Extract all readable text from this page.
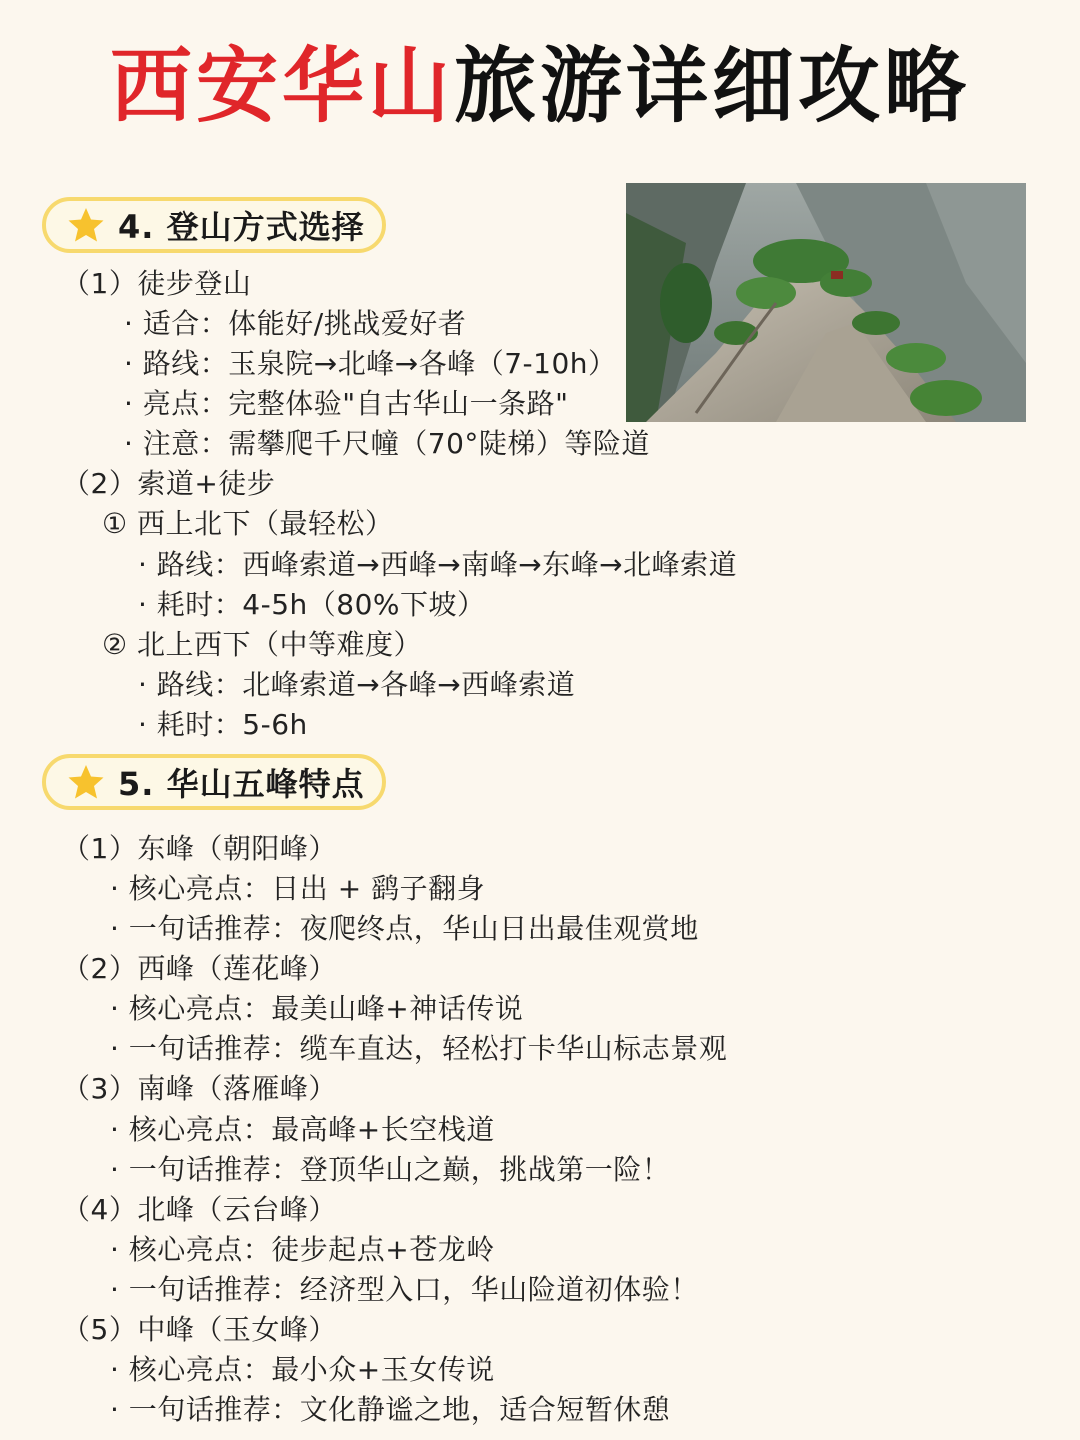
西安华山旅游详细攻略
4. 登山方式选择
（1）徒步登山
· 适合：体能好/挑战爱好者
· 路线：玉泉院→北峰→各峰（7-10h）
· 亮点：完整体验"自古华山一条路"
· 注意：需攀爬千尺幢（70°陡梯）等险道
（2）索道+徒步
① 西上北下（最轻松）
· 路线：西峰索道→西峰→南峰→东峰→北峰索道
· 耗时：4-5h（80%下坡）
② 北上西下（中等难度）
· 路线：北峰索道→各峰→西峰索道
· 耗时：5-6h
5. 华山五峰特点
（1）东峰（朝阳峰）
· 核心亮点：日出 + 鹞子翻身
· 一句话推荐：夜爬终点，华山日出最佳观赏地
（2）西峰（莲花峰）
· 核心亮点：最美山峰+神话传说
· 一句话推荐：缆车直达，轻松打卡华山标志景观
（3）南峰（落雁峰）
· 核心亮点：最高峰+长空栈道
· 一句话推荐：登顶华山之巅，挑战第一险！
（4）北峰（云台峰）
· 核心亮点：徒步起点+苍龙岭
· 一句话推荐：经济型入口，华山险道初体验！
（5）中峰（玉女峰）
· 核心亮点：最小众+玉女传说
· 一句话推荐：文化静谧之地，适合短暂休憩
